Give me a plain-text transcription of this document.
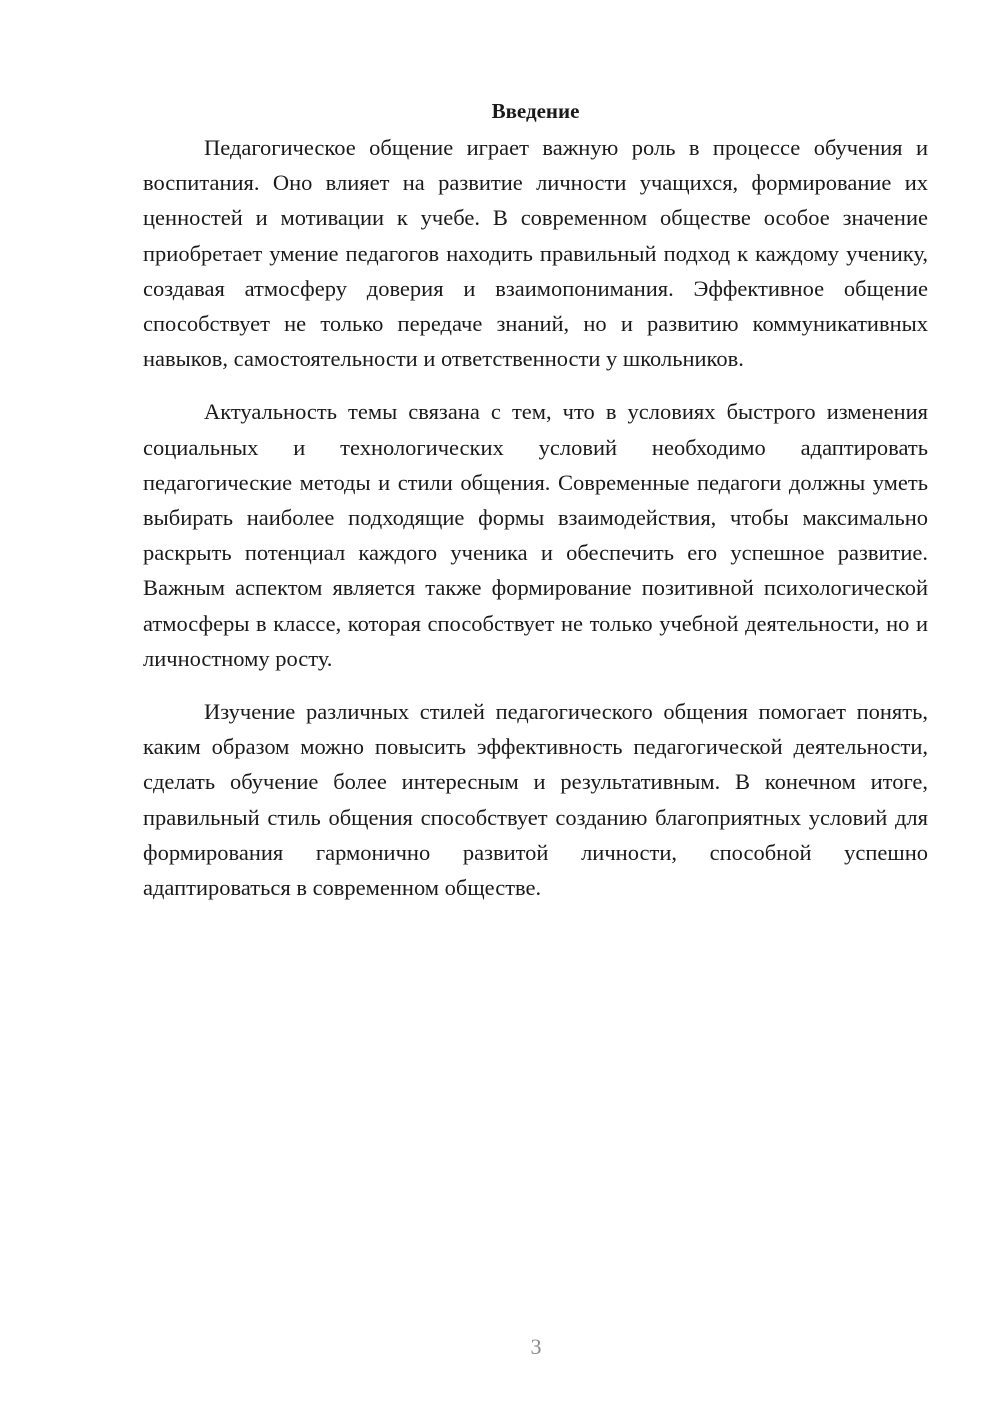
Введение

Педагогическое общение играет важную роль в процессе обучения и воспитания. Оно влияет на развитие личности учащихся, формирование их ценностей и мотивации к учебе. В современном обществе особое значение приобретает умение педагогов находить правильный подход к каждому ученику, создавая атмосферу доверия и взаимопонимания. Эффективное общение способствует не только передаче знаний, но и развитию коммуникативных навыков, самостоятельности и ответственности у школьников.

Актуальность темы связана с тем, что в условиях быстрого изменения социальных и технологических условий необходимо адаптировать педагогические методы и стили общения. Современные педагоги должны уметь выбирать наиболее подходящие формы взаимодействия, чтобы максимально раскрыть потенциал каждого ученика и обеспечить его успешное развитие. Важным аспектом является также формирование позитивной психологической атмосферы в классе, которая способствует не только учебной деятельности, но и личностному росту.

Изучение различных стилей педагогического общения помогает понять, каким образом можно повысить эффективность педагогической деятельности, сделать обучение более интересным и результативным. В конечном итоге, правильный стиль общения способствует созданию благоприятных условий для формирования гармонично развитой личности, способной успешно адаптироваться в современном обществе.

3
